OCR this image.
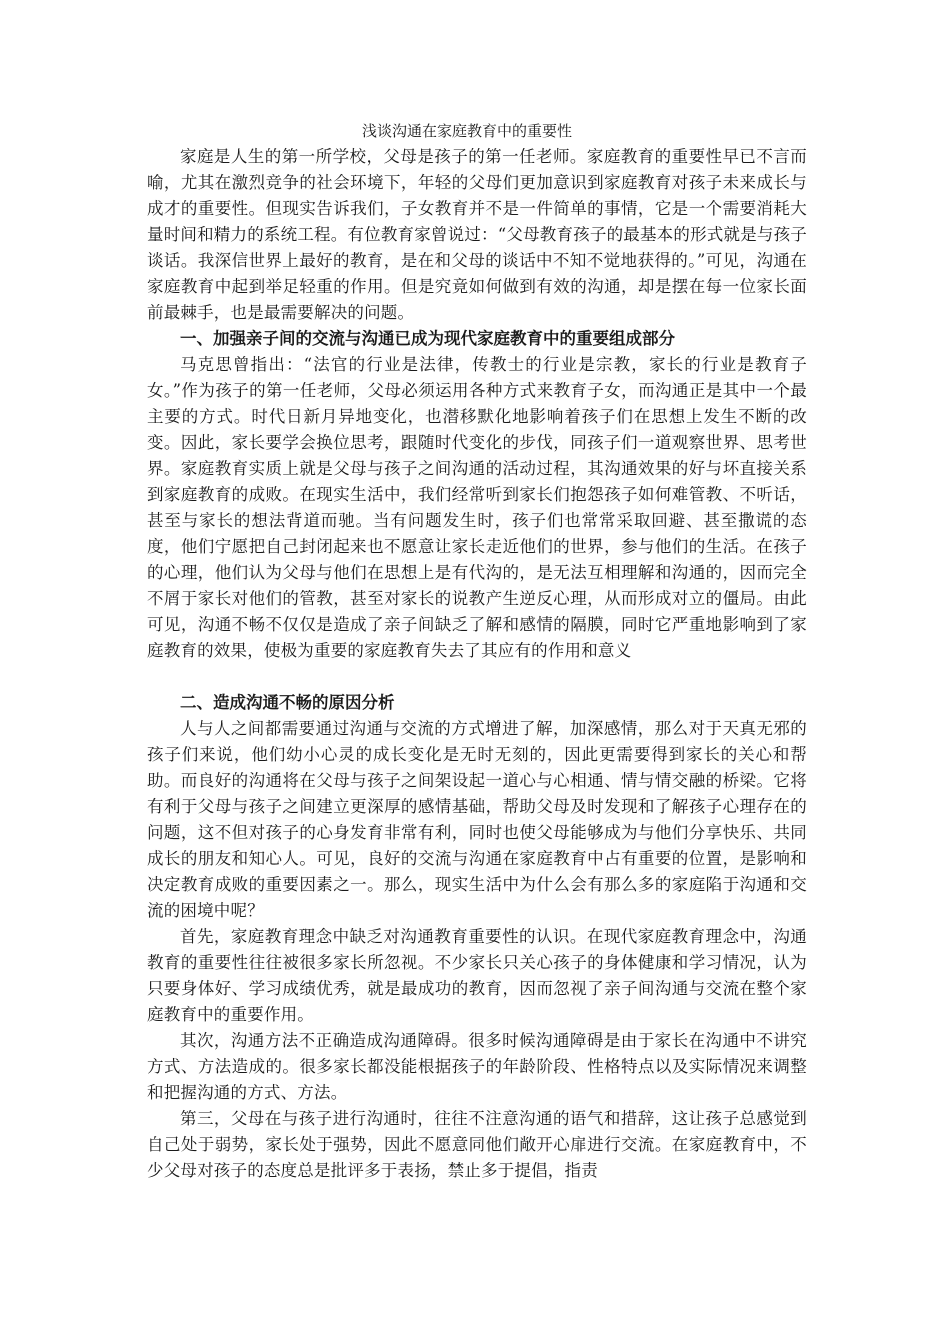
浅谈沟通在家庭教育中的重要性

家庭是人生的第一所学校，父母是孩子的第一任老师。家庭教育的重要性早已不言而喻，尤其在激烈竞争的社会环境下，年轻的父母们更加意识到家庭教育对孩子未来成长与成才的重要性。但现实告诉我们，子女教育并不是一件简单的事情，它是一个需要消耗大量时间和精力的系统工程。有位教育家曾说过：“父母教育孩子的最基本的形式就是与孩子谈话。我深信世界上最好的教育，是在和父母的谈话中不知不觉地获得的。”可见，沟通在家庭教育中起到举足轻重的作用。但是究竟如何做到有效的沟通，却是摆在每一位家长面前最棘手，也是最需要解决的问题。

一、加强亲子间的交流与沟通已成为现代家庭教育中的重要组成部分

马克思曾指出：“法官的行业是法律，传教士的行业是宗教，家长的行业是教育子女。”作为孩子的第一任老师，父母必须运用各种方式来教育子女，而沟通正是其中一个最主要的方式。时代日新月异地变化，也潜移默化地影响着孩子们在思想上发生不断的改变。因此，家长要学会换位思考，跟随时代变化的步伐，同孩子们一道观察世界、思考世界。家庭教育实质上就是父母与孩子之间沟通的活动过程，其沟通效果的好与坏直接关系到家庭教育的成败。在现实生活中，我们经常听到家长们抱怨孩子如何难管教、不听话，甚至与家长的想法背道而驰。当有问题发生时，孩子们也常常采取回避、甚至撒谎的态度，他们宁愿把自己封闭起来也不愿意让家长走近他们的世界，参与他们的生活。在孩子的心理，他们认为父母与他们在思想上是有代沟的，是无法互相理解和沟通的，因而完全不屑于家长对他们的管教，甚至对家长的说教产生逆反心理，从而形成对立的僵局。由此可见，沟通不畅不仅仅是造成了亲子间缺乏了解和感情的隔膜，同时它严重地影响到了家庭教育的效果，使极为重要的家庭教育失去了其应有的作用和意义

二、造成沟通不畅的原因分析

人与人之间都需要通过沟通与交流的方式增进了解，加深感情，那么对于天真无邪的孩子们来说，他们幼小心灵的成长变化是无时无刻的，因此更需要得到家长的关心和帮助。而良好的沟通将在父母与孩子之间架设起一道心与心相通、情与情交融的桥梁。它将有利于父母与孩子之间建立更深厚的感情基础，帮助父母及时发现和了解孩子心理存在的问题，这不但对孩子的心身发育非常有利，同时也使父母能够成为与他们分享快乐、共同成长的朋友和知心人。可见，良好的交流与沟通在家庭教育中占有重要的位置，是影响和决定教育成败的重要因素之一。那么，现实生活中为什么会有那么多的家庭陷于沟通和交流的困境中呢？

首先，家庭教育理念中缺乏对沟通教育重要性的认识。在现代家庭教育理念中，沟通教育的重要性往往被很多家长所忽视。不少家长只关心孩子的身体健康和学习情况，认为只要身体好、学习成绩优秀，就是最成功的教育，因而忽视了亲子间沟通与交流在整个家庭教育中的重要作用。

其次，沟通方法不正确造成沟通障碍。很多时候沟通障碍是由于家长在沟通中不讲究方式、方法造成的。很多家长都没能根据孩子的年龄阶段、性格特点以及实际情况来调整和把握沟通的方式、方法。

第三，父母在与孩子进行沟通时，往往不注意沟通的语气和措辞，这让孩子总感觉到自己处于弱势，家长处于强势，因此不愿意同他们敞开心扉进行交流。在家庭教育中，不少父母对孩子的态度总是批评多于表扬，禁止多于提倡，指责
